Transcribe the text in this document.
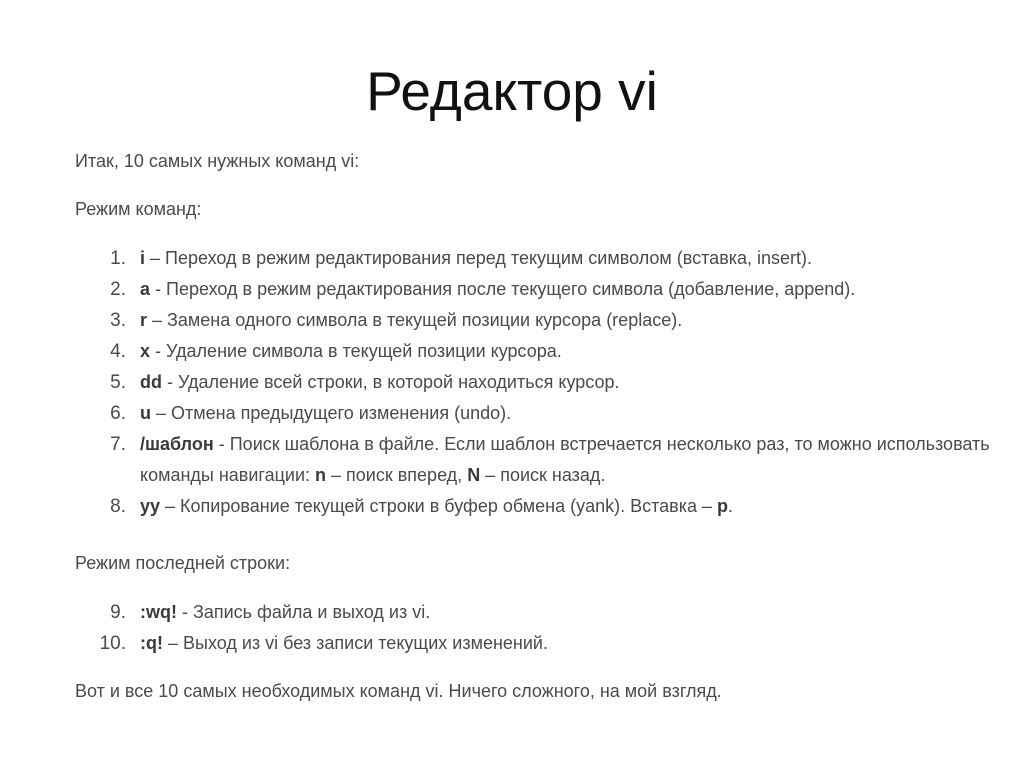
Редактор vi

Итак, 10 самых нужных команд vi:

Режим команд:

1. i – Переход в режим редактирования перед текущим символом (вставка, insert).
2. a - Переход в режим редактирования после текущего символа (добавление, append).
3. r – Замена одного символа в текущей позиции курсора (replace).
4. x - Удаление символа в текущей позиции курсора.
5. dd - Удаление всей строки, в которой находиться курсор.
6. u – Отмена предыдущего изменения (undo).
7. /шаблон - Поиск шаблона в файле. Если шаблон встречается несколько раз, то можно использовать команды навигации: n – поиск вперед, N – поиск назад.
8. yy – Копирование текущей строки в буфер обмена (yank). Вставка – p.

Режим последней строки:

9. :wq! - Запись файла и выход из vi.
10. :q! – Выход из vi без записи текущих изменений.

Вот и все 10 самых необходимых команд vi. Ничего сложного, на мой взгляд.
